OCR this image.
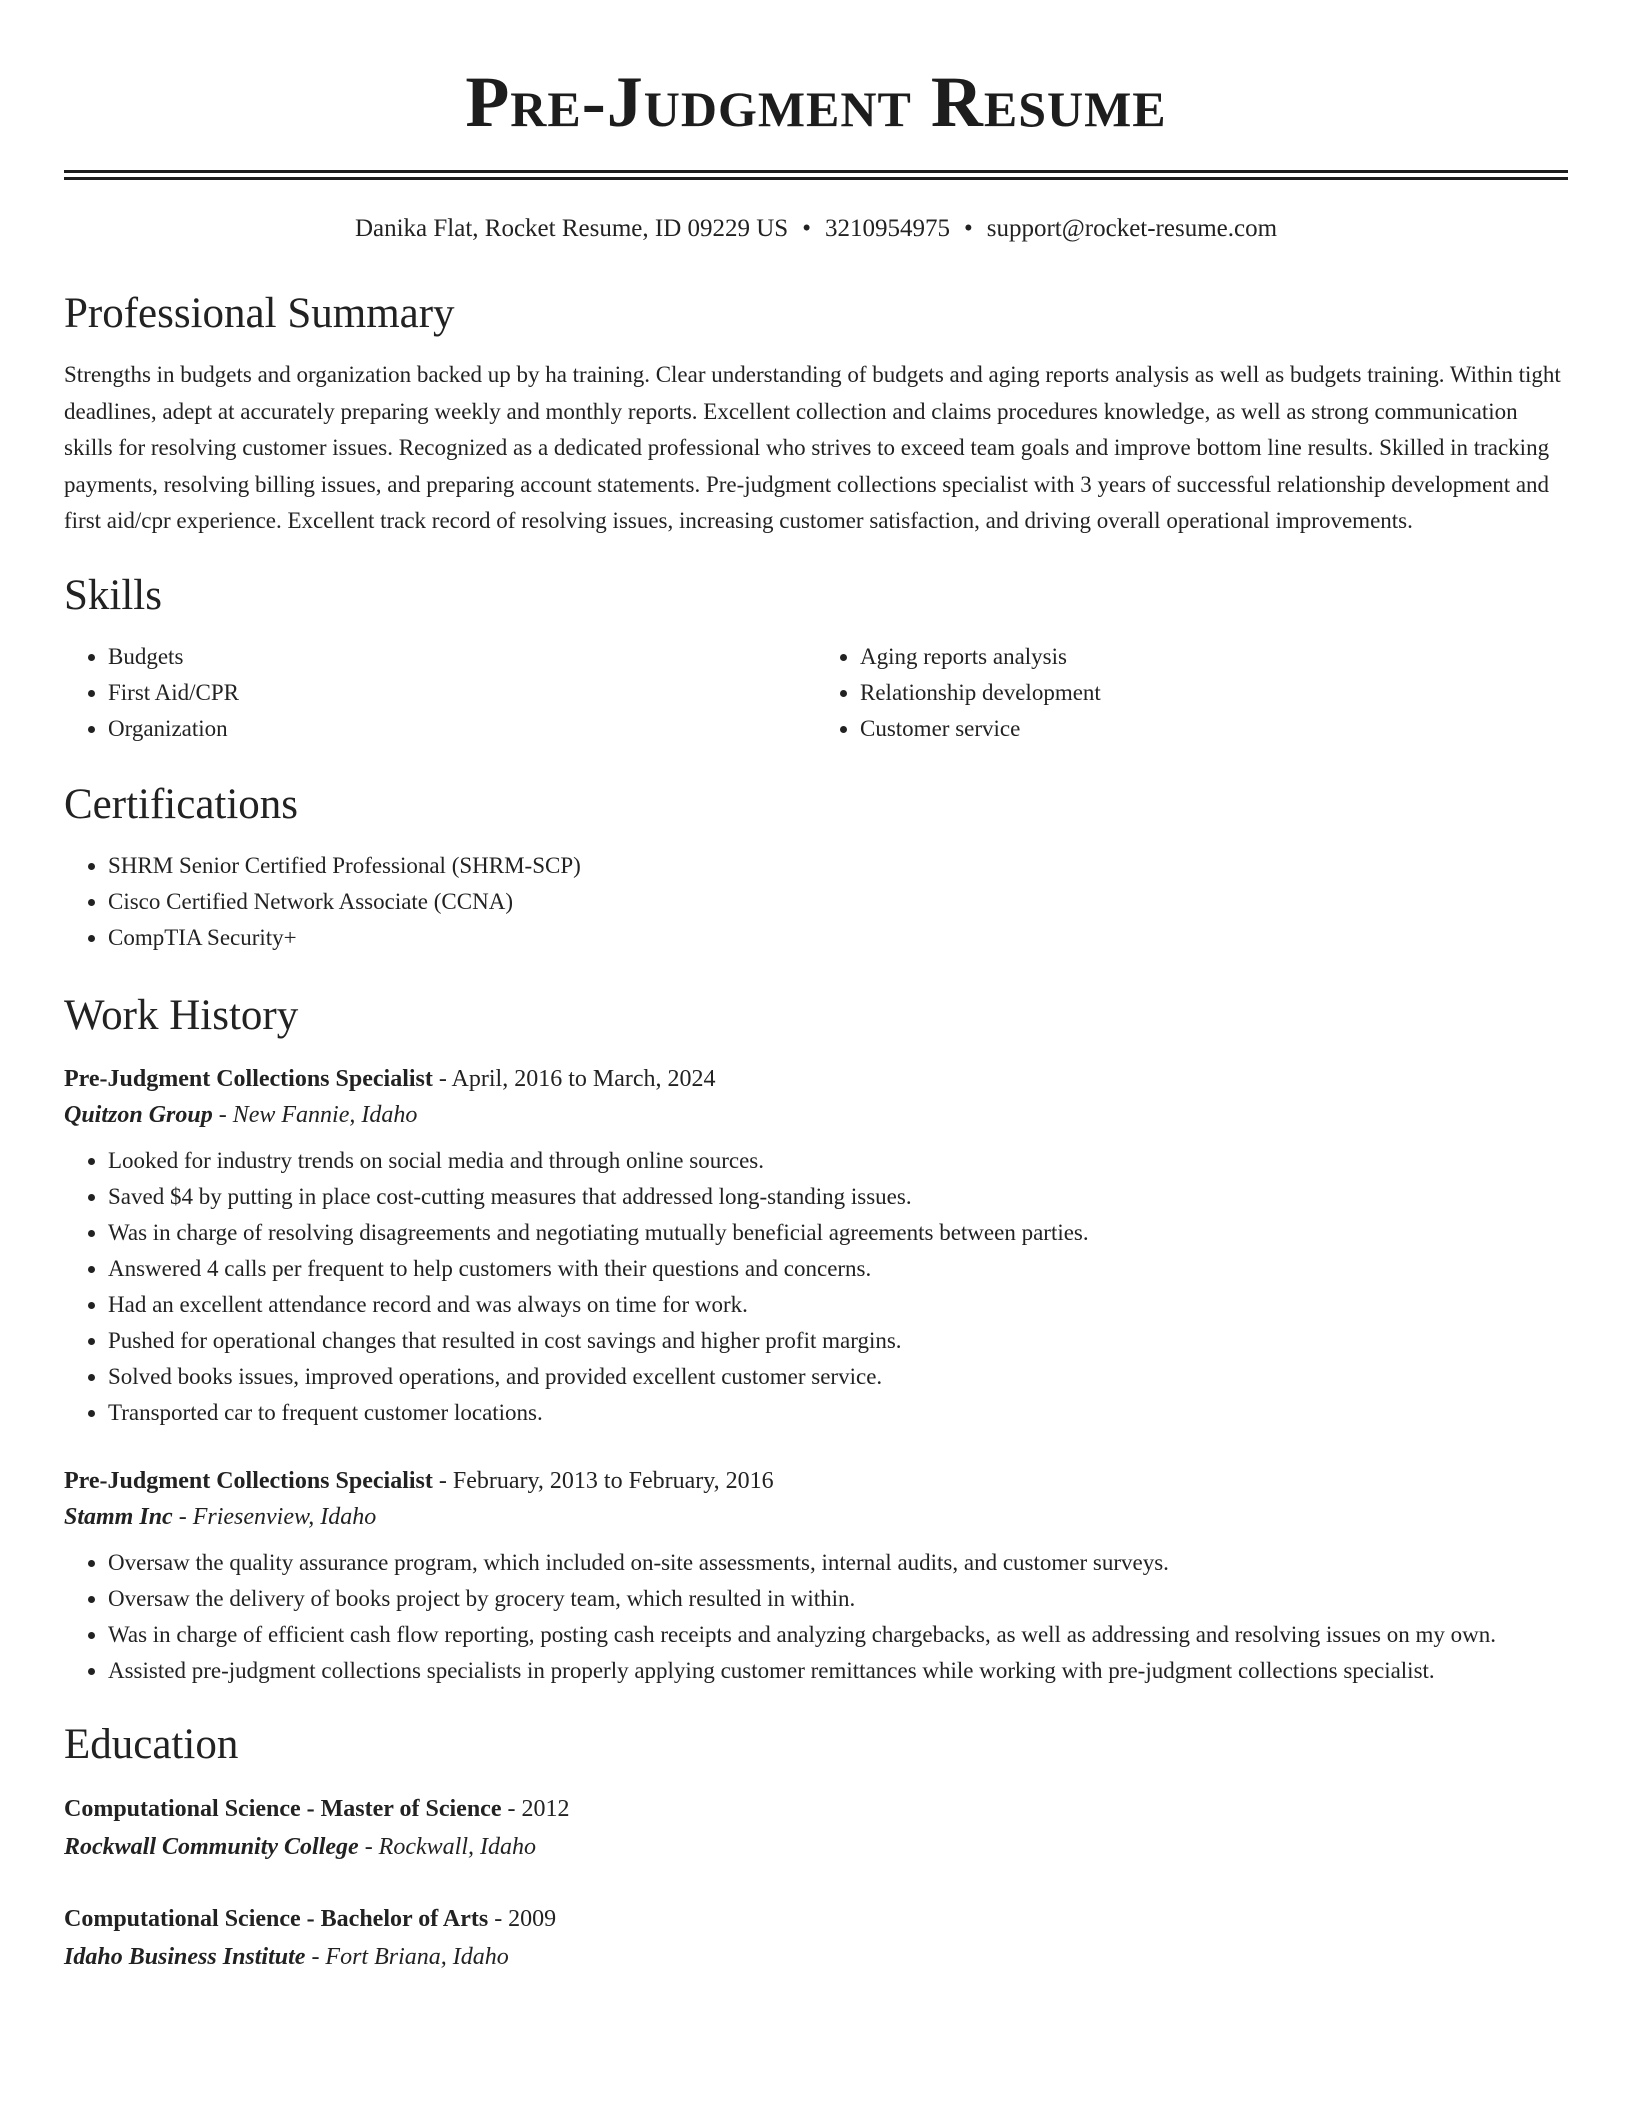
Pre-Judgment Resume
Danika Flat, Rocket Resume, ID 09229 US • 3210954975 • support@rocket-resume.com
Professional Summary

Strengths in budgets and organization backed up by ha training. Clear understanding of budgets and aging reports analysis as well as budgets training. Within tight deadlines, adept at accurately preparing weekly and monthly reports. Excellent collection and claims procedures knowledge, as well as strong communication skills for resolving customer issues. Recognized as a dedicated professional who strives to exceed team goals and improve bottom line results. Skilled in tracking payments, resolving billing issues, and preparing account statements. Pre-judgment collections specialist with 3 years of successful relationship development and first aid/cpr experience. Excellent track record of resolving issues, increasing customer satisfaction, and driving overall operational improvements.

Skills
• Budgets
• First Aid/CPR
• Organization
• Aging reports analysis
• Relationship development
• Customer service
Certifications
• SHRM Senior Certified Professional (SHRM-SCP)
• Cisco Certified Network Associate (CCNA)
• CompTIA Security+
Work History
Pre-Judgment Collections Specialist - April, 2016 to March, 2024
Quitzon Group - New Fannie, Idaho
• Looked for industry trends on social media and through online sources.
• Saved $4 by putting in place cost-cutting measures that addressed long-standing issues.
• Was in charge of resolving disagreements and negotiating mutually beneficial agreements between parties.
• Answered 4 calls per frequent to help customers with their questions and concerns.
• Had an excellent attendance record and was always on time for work.
• Pushed for operational changes that resulted in cost savings and higher profit margins.
• Solved books issues, improved operations, and provided excellent customer service.
• Transported car to frequent customer locations.
Pre-Judgment Collections Specialist - February, 2013 to February, 2016
Stamm Inc - Friesenview, Idaho
• Oversaw the quality assurance program, which included on-site assessments, internal audits, and customer surveys.
• Oversaw the delivery of books project by grocery team, which resulted in within.
• Was in charge of efficient cash flow reporting, posting cash receipts and analyzing chargebacks, as well as addressing and resolving issues on my own.
• Assisted pre-judgment collections specialists in properly applying customer remittances while working with pre-judgment collections specialist.
Education
Computational Science - Master of Science - 2012
Rockwall Community College - Rockwall, Idaho
Computational Science - Bachelor of Arts - 2009
Idaho Business Institute - Fort Briana, Idaho
